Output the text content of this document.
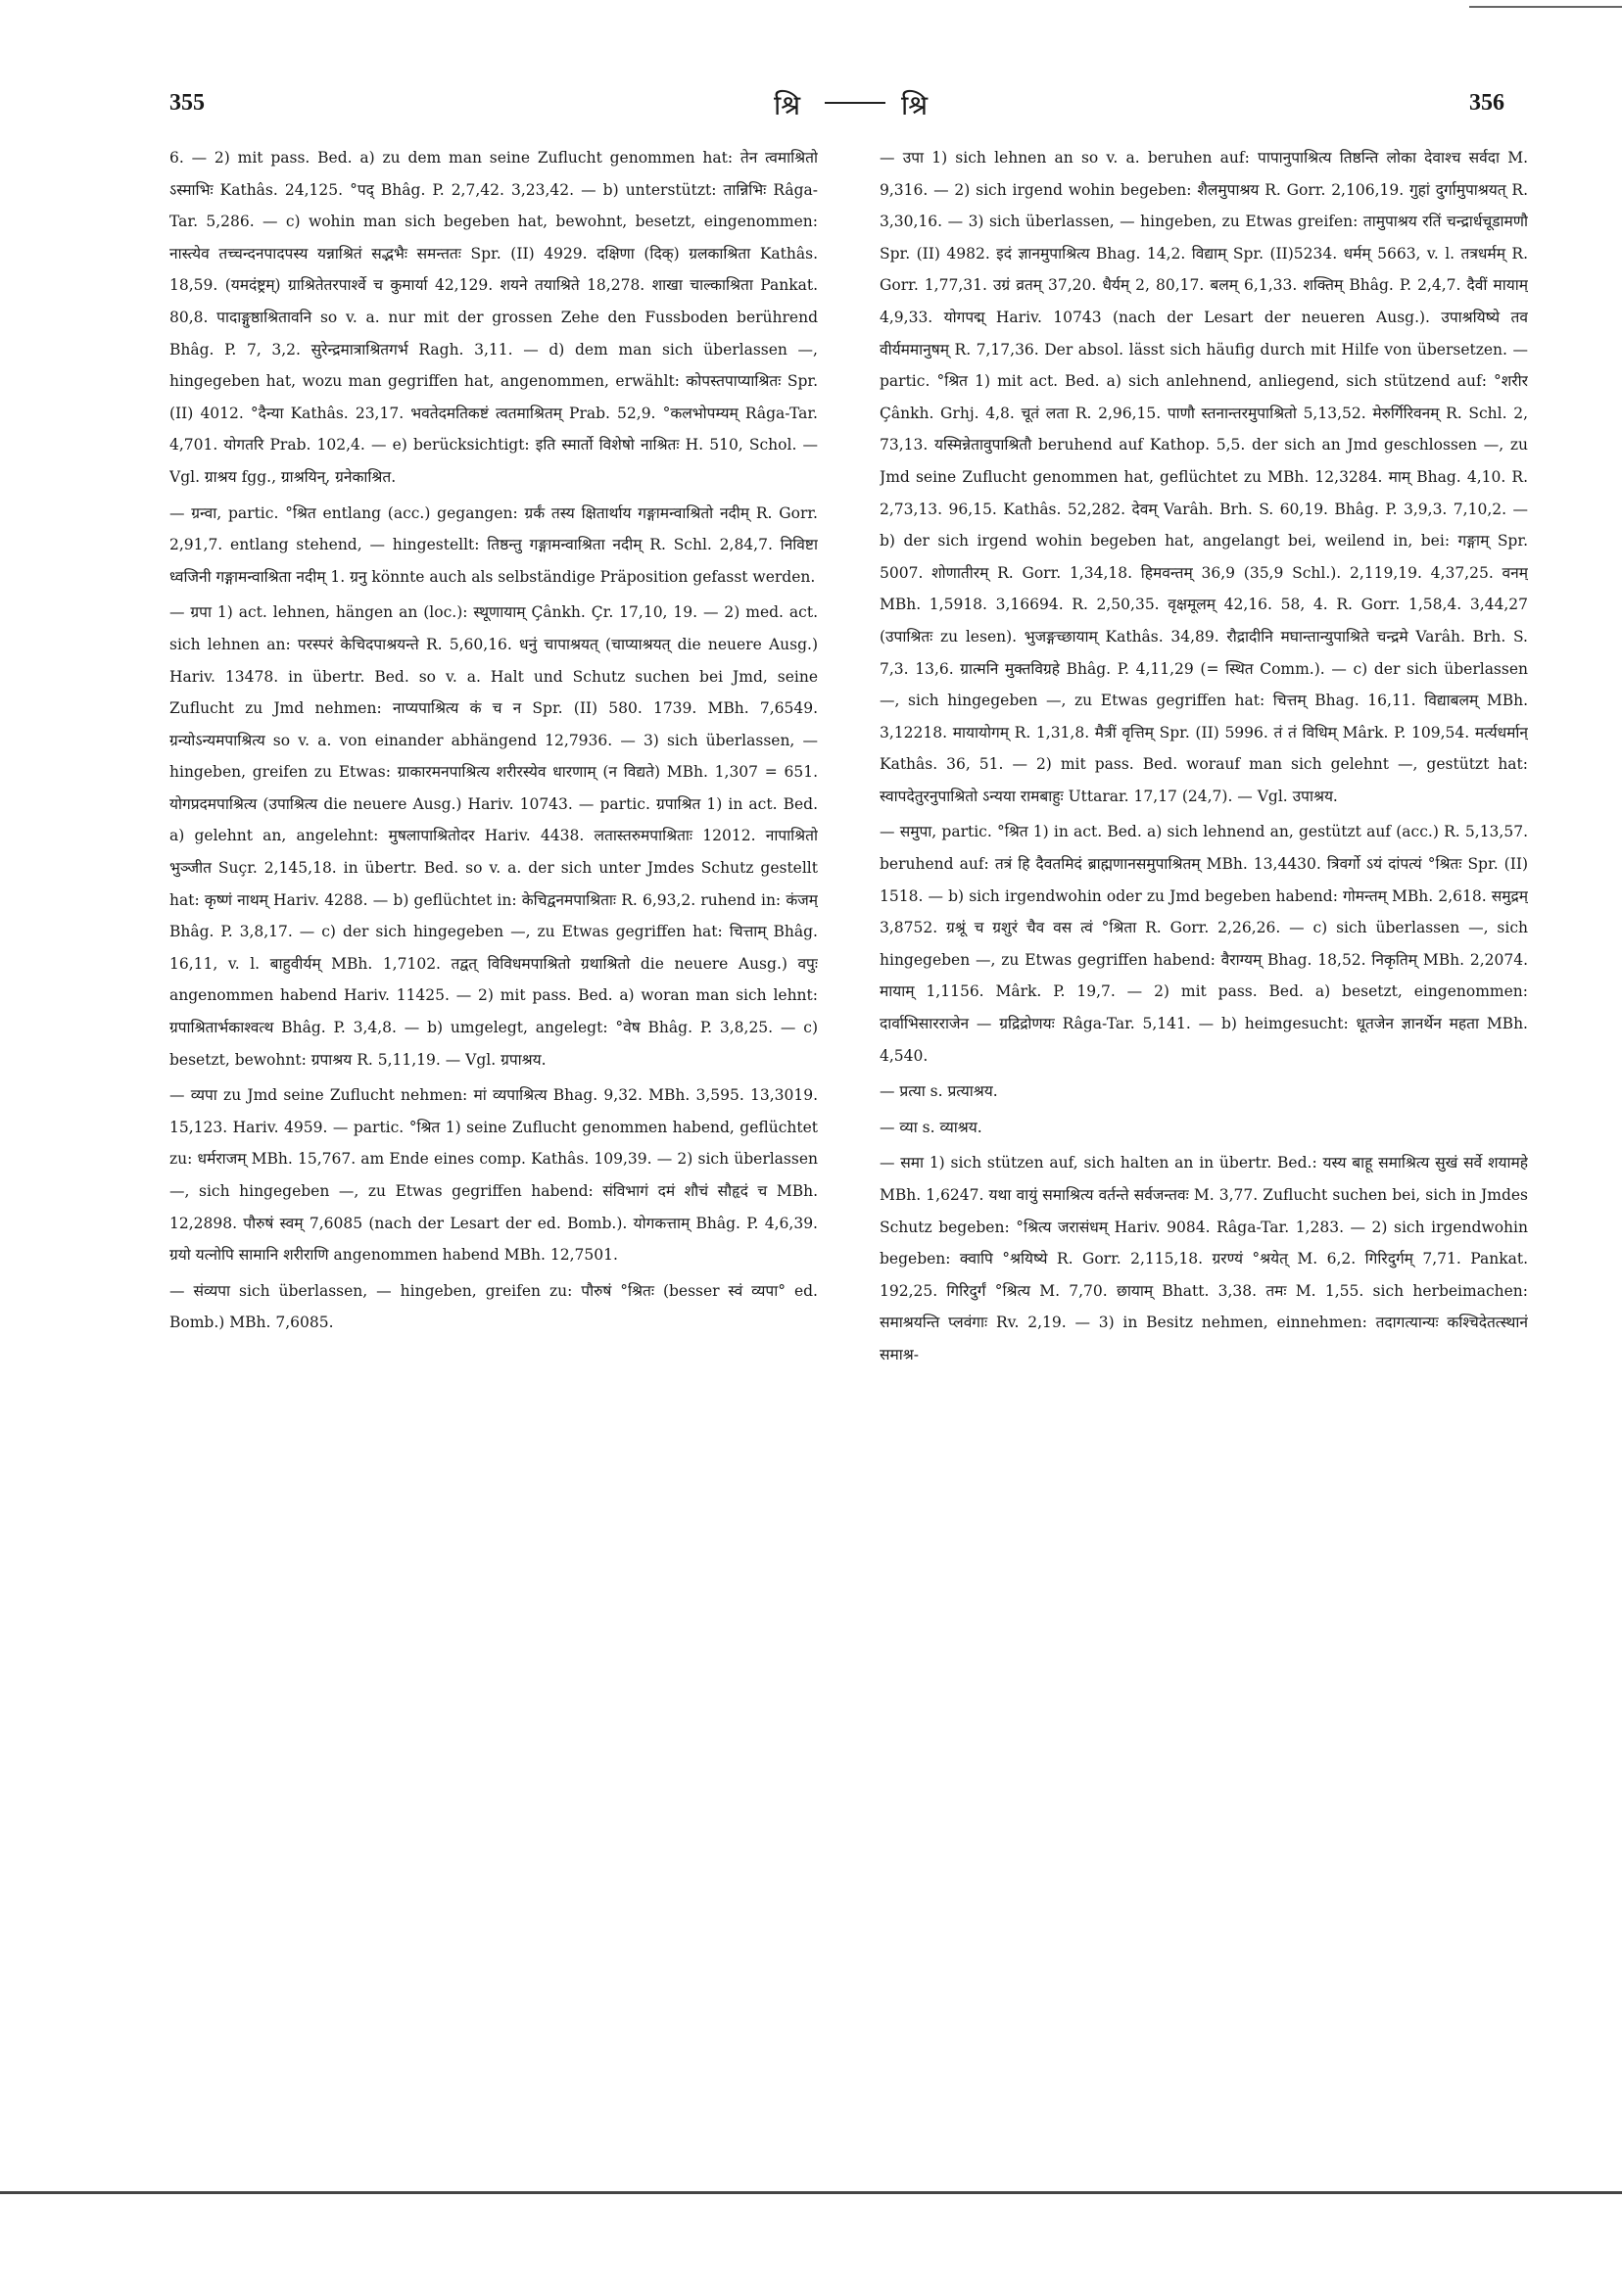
355	श्रि	श्रि	356

6. — 2) mit pass. Bed. a) zu dem man seine Zuflucht genommen hat: तेन त्वमाश्रितो ऽस्माभिः Kathâs. 24,125. °पद् Bhâg. P. 2,7,42. 3,23,42. — b) unterstützt: तान्निभिः Râga-Tar. 5,286. — c) wohin man sich begeben hat, bewohnt, besetzt, eingenommen: नास्त्येव तच्चन्दनपादपस्य यन्नाश्रितं सद्भभैः समन्ततः Spr. (II) 4929. दक्षिणा (दिक्) ग्रलकाश्रिता Kathâs. 18,59. (यमदंष्ट्रम्) ग्राश्रितेतरपार्श्वे च कुमार्या 42,129. शयने तयाश्रिते 18,278. शाखा चाल्काश्रिता Pankat. 80,8. पादाङ्गुष्ठाश्रितावनि so v. a. nur mit der grossen Zehe den Fussboden berührend Bhâg. P. 7, 3,2. सुरेन्द्रमात्राश्रितगर्भ Ragh. 3,11. — d) dem man sich überlassen —, hingegeben hat, wozu man gegriffen hat, angenommen, erwählt: कोपस्तपाप्याश्रितः Spr. (II) 4012. °दैन्या Kathâs. 23,17. भवतेदमतिकष्टं त्वतमाश्रितम् Prab. 52,9. °कलभोपम्यम् Râga-Tar. 4,701. योगतरि Prab. 102,4. — e) berücksichtigt: इति स्मार्तो विशेषो नाश्रितः H. 510, Schol. — Vgl. ग्राश्रय fgg., ग्राश्रयिन्, ग्रनेकाश्रित.

— ग्रन्वा, partic. °श्रित entlang (acc.) gegangen: ग्रर्कं तस्य क्षितार्थाय गङ्गामन्वाश्रितो नदीम् R. Gorr. 2,91,7. entlang stehend, — hingestellt: तिष्ठन्तु गङ्गामन्वाश्रिता नदीम् R. Schl. 2,84,7. निविष्टा ध्वजिनी गङ्गामन्वाश्रिता नदीम् 1. ग्रनु könnte auch als selbständige Präposition gefasst werden.

— ग्रपा 1) act. lehnen, hängen an (loc.): स्थूणायाम् Çânkh. Çr. 17,10, 19. — 2) med. act. sich lehnen an: परस्परं केचिदपाश्रयन्ते R. 5,60,16. धनुं चापाश्रयत् (चाप्याश्रयत् die neuere Ausg.) Hariv. 13478. in übertr. Bed. so v. a. Halt und Schutz suchen bei Jmd, seine Zuflucht zu Jmd nehmen: नाप्यपाश्रित्य कं च न Spr. (II) 580. 1739. MBh. 7,6549. ग्रन्योऽन्यमपाश्रित्य so v. a. von einander abhängend 12,7936. — 3) sich überlassen, — hingeben, greifen zu Etwas: ग्राकारमनपाश्रित्य शरीरस्येव धारणाम् (न विद्यते) MBh. 1,307 = 651. योगप्रदमपाश्रित्य (उपाश्रित्य die neuere Ausg.) Hariv. 10743. — partic. ग्रपाश्रित 1) in act. Bed. a) gelehnt an, angelehnt: मुषलापाश्रितोदर Hariv. 4438. लतास्तरुमपाश्रिताः 12012. नापाश्रितो भुञ्जीत Suçr. 2,145,18. in übertr. Bed. so v. a. der sich unter Jmdes Schutz gestellt hat: कृष्णं नाथम् Hariv. 4288. — b) geflüchtet in: केचिद्वनमपाश्रिताः R. 6,93,2. ruhend in: कंजम् Bhâg. P. 3,8,17. — c) der sich hingegeben —, zu Etwas gegriffen hat: चित्ताम् Bhâg. 16,11, v. l. बाहुवीर्यम् MBh. 1,7102. तद्वत् विविधमपाश्रितो ग्रथाश्रितो die neuere Ausg.) वपुः angenommen habend Hariv. 11425. — 2) mit pass. Bed. a) woran man sich lehnt: ग्रपाश्रितार्भकाश्वत्थ Bhâg. P. 3,4,8. — b) umgelegt, angelegt: °वेष Bhâg. P. 3,8,25. — c) besetzt, bewohnt: ग्रपाश्रय R. 5,11,19. — Vgl. ग्रपाश्रय.

— व्यपा zu Jmd seine Zuflucht nehmen: मां व्यपाश्रित्य Bhag. 9,32. MBh. 3,595. 13,3019. 15,123. Hariv. 4959. — partic. °श्रित 1) seine Zuflucht genommen habend, geflüchtet zu: धर्मराजम् MBh. 15,767. am Ende eines comp. Kathâs. 109,39. — 2) sich überlassen —, sich hingegeben —, zu Etwas gegriffen habend: संविभागं दमं शौचं सौहृदं च MBh. 12,2898. पौरुषं स्वम् 7,6085 (nach der Lesart der ed. Bomb.). योगकत्ताम् Bhâg. P. 4,6,39. ग्रयो यत्नोपि सामानि शरीराणि angenommen habend MBh. 12,7501.

— संव्यपा sich überlassen, — hingeben, greifen zu: पौरुषं °श्रितः (besser स्वं व्यपा° ed. Bomb.) MBh. 7,6085.

— उपा 1) sich lehnen an so v. a. beruhen auf: पापानुपाश्रित्य तिष्ठन्ति लोका देवाश्च सर्वदा M. 9,316. — 2) sich irgend wohin begeben: शैलमुपाश्रय R. Gorr. 2,106,19. गुहां दुर्गामुपाश्रयत् R. 3,30,16. — 3) sich überlassen, — hingeben, zu Etwas greifen: तामुपाश्रय रतिं चन्द्रार्धचूडामणौ Spr. (II) 4982. इदं ज्ञानमुपाश्रित्य Bhag. 14,2. विद्याम् Spr. (II)5234. धर्मम् 5663, v. l. तत्रधर्मम् R. Gorr. 1,77,31. उग्रं व्रतम् 37,20. धैर्यम् 2, 80,17. बलम् 6,1,33. शक्तिम् Bhâg. P. 2,4,7. दैवीं मायाम् 4,9,33. योगपद्म् Hariv. 10743 (nach der Lesart der neueren Ausg.). उपाश्रयिष्ये तव वीर्यममानुषम् R. 7,17,36. Der absol. lässt sich häufig durch mit Hilfe von übersetzen. — partic. °श्रित 1) mit act. Bed. a) sich anlehnend, anliegend, sich stützend auf: °शरीर Çânkh. Grhj. 4,8. चूतं लता R. 2,96,15. पाणौ स्तनान्तरमुपाश्रितो 5,13,52. मेरुर्गिरिवनम् R. Schl. 2, 73,13. यस्मिन्नेतावुपाश्रितौ beruhend auf Kathop. 5,5. der sich an Jmd geschlossen —, zu Jmd seine Zuflucht genommen hat, geflüchtet zu MBh. 12,3284. माम् Bhag. 4,10. R. 2,73,13. 96,15. Kathâs. 52,282. देवम् Varâh. Brh. S. 60,19. Bhâg. P. 3,9,3. 7,10,2. — b) der sich irgend wohin begeben hat, angelangt bei, weilend in, bei: गङ्गाम् Spr. 5007. शोणातीरम् R. Gorr. 1,34,18. हिमवन्तम् 36,9 (35,9 Schl.). 2,119,19. 4,37,25. वनम् MBh. 1,5918. 3,16694. R. 2,50,35. वृक्षमूलम् 42,16. 58, 4. R. Gorr. 1,58,4. 3,44,27 (उपाश्रितः zu lesen). भुजङ्गच्छायाम् Kathâs. 34,89. रौद्रादीनि मघान्तान्युपाश्रिते चन्द्रमे Varâh. Brh. S. 7,3. 13,6. ग्रात्मनि मुक्तविग्रहे Bhâg. P. 4,11,29 (= स्थित Comm.). — c) der sich überlassen —, sich hingegeben —, zu Etwas gegriffen hat: चित्तम् Bhag. 16,11. विद्याबलम् MBh. 3,12218. मायायोगम् R. 1,31,8. मैत्रीं वृत्तिम् Spr. (II) 5996. तं तं विधिम् Mârk. P. 109,54. मर्त्यधर्मान् Kathâs. 36, 51. — 2) mit pass. Bed. worauf man sich gelehnt —, gestützt hat: स्वापदेतुरनुपाश्रितो ऽन्यया रामबाहुः Uttarar. 17,17 (24,7). — Vgl. उपाश्रय.

— समुपा, partic. °श्रित 1) in act. Bed. a) sich lehnend an, gestützt auf (acc.) R. 5,13,57. beruhend auf: तत्रं हि दैवतमिदं ब्राह्मणानसमुपाश्रितम् MBh. 13,4430. त्रिवर्गो ऽयं दांपत्यं °श्रितः Spr. (II) 1518. — b) sich irgendwohin oder zu Jmd begeben habend: गोमन्तम् MBh. 2,618. समुद्रम् 3,8752. ग्रश्रूं च ग्रशुरं चैव वस त्वं °श्रिता R. Gorr. 2,26,26. — c) sich überlassen —, sich hingegeben —, zu Etwas gegriffen habend: वैराग्यम् Bhag. 18,52. निकृतिम् MBh. 2,2074. मायाम् 1,1156. Mârk. P. 19,7. — 2) mit pass. Bed. a) besetzt, eingenommen: दार्वाभिसारराजेन — ग्रद्रिद्रोणयः Râga-Tar. 5,141. — b) heimgesucht: धूतजेन ज्ञानर्थेन महता MBh. 4,540.

— प्रत्या s. प्रत्याश्रय.

— व्या s. व्याश्रय.

— समा 1) sich stützen auf, sich halten an in übertr. Bed.: यस्य बाहू समाश्रित्य सुखं सर्वे शयामहे MBh. 1,6247. यथा वायुं समाश्रित्य वर्तन्ते सर्वजन्तवः M. 3,77. Zuflucht suchen bei, sich in Jmdes Schutz begeben: °श्रित्य जरासंधम् Hariv. 9084. Râga-Tar. 1,283. — 2) sich irgendwohin begeben: क्वापि °श्रयिष्ये R. Gorr. 2,115,18. ग्ररण्यं °श्रयेत् M. 6,2. गिरिदुर्गम् 7,71. Pankat. 192,25. गिरिदुर्गं °श्रित्य M. 7,70. छायाम् Bhatt. 3,38. तमः M. 1,55. sich herbeimachen: समाश्रयन्ति प्लवंगाः Rv. 2,19. — 3) in Besitz nehmen, einnehmen: तदागत्यान्यः कश्चिदेतत्स्थानं समाश्र-
